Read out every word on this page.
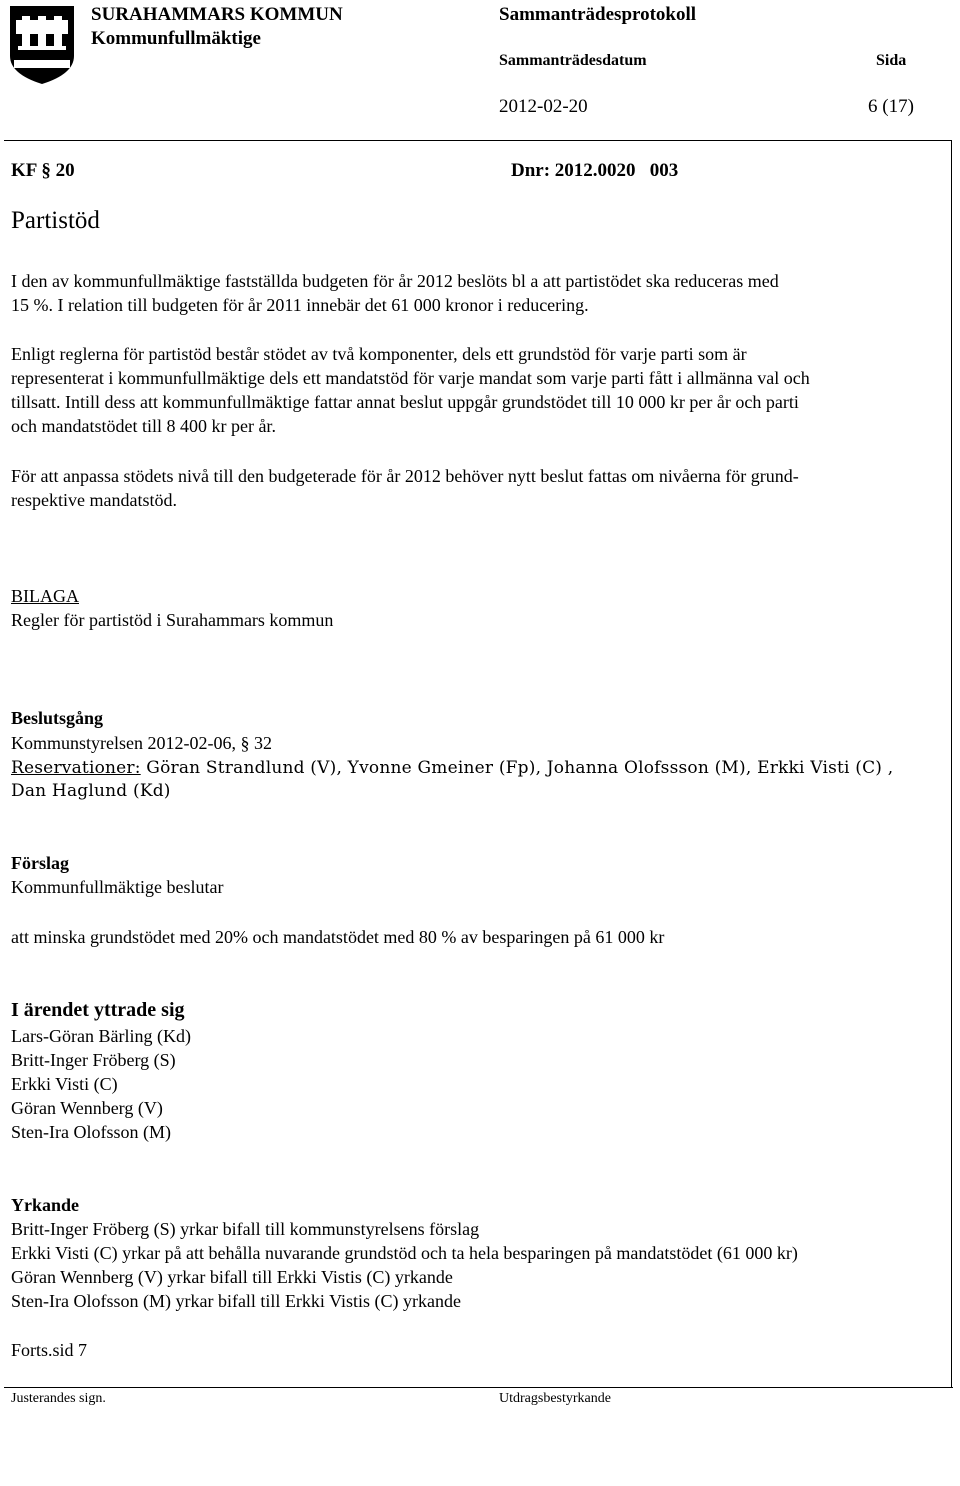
SURAHAMMARS KOMMUN
Kommunfullmäktige
Sammanträdesprotokoll
Sammanträdesdatum	Sida
2012-02-20	6 (17)
KF § 20	Dnr: 2012.0020   003
Partistöd
I den av kommunfullmäktige fastställda budgeten för år 2012 beslöts bl a att partistödet ska reduceras med
15 %. I relation till budgeten för år 2011 innebär det 61 000 kronor i reducering.
Enligt reglerna för partistöd består stödet av två komponenter, dels ett grundstöd för varje parti som är
representerat i kommunfullmäktige dels ett mandatstöd för varje mandat som varje parti fått i allmänna val och
tillsatt. Intill dess att kommunfullmäktige fattar annat beslut uppgår grundstödet till 10 000 kr per år och parti
och mandatstödet till 8 400 kr per år.
För att anpassa stödets nivå till den budgeterade för år 2012 behöver nytt beslut fattas om nivåerna för grund-
respektive mandatstöd.
BILAGA
Regler för partistöd i Surahammars kommun
Beslutsgång
Kommunstyrelsen 2012-02-06, § 32
Reservationer: Göran Strandlund (V), Yvonne Gmeiner (Fp), Johanna Olofssson (M), Erkki Visti (C) ,
Dan Haglund (Kd)
Förslag
Kommunfullmäktige beslutar
att minska grundstödet med 20% och mandatstödet med 80 % av besparingen på 61 000 kr
I ärendet yttrade sig
Lars-Göran Bärling (Kd)
Britt-Inger Fröberg (S)
Erkki Visti (C)
Göran Wennberg (V)
Sten-Ira Olofsson (M)
Yrkande
Britt-Inger Fröberg (S) yrkar bifall till kommunstyrelsens förslag
Erkki Visti (C) yrkar på att behålla nuvarande grundstöd och ta hela besparingen på mandatstödet (61 000 kr)
Göran Wennberg (V) yrkar bifall till Erkki Vistis (C) yrkande
Sten-Ira Olofsson (M) yrkar bifall till Erkki Vistis (C) yrkande
Forts.sid 7
Justerandes sign.	Utdragsbestyrkande
